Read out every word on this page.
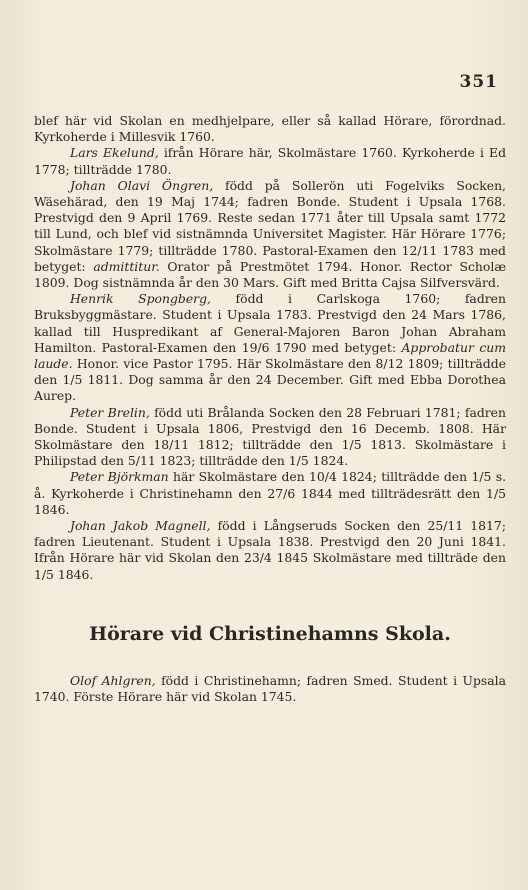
351

blef här vid Skolan en medhjelpare, eller så kallad Hörare, förordnad. Kyrkoherde i Millesvik 1760.

Lars Ekelund, ifrån Hörare här, Skolmästare 1760. Kyrkoherde i Ed 1778; tillträdde 1780.

Johan Olavi Öngren, född på Sollerön uti Fogelviks Socken, Wäsehärad, den 19 Maj 1744; fadren Bonde. Student i Upsala 1768. Prestvigd den 9 April 1769. Reste sedan 1771 åter till Upsala samt 1772 till Lund, och blef vid sistnämnda Universitet Magister. Här Hörare 1776; Skolmästare 1779; tillträdde 1780. Pastoral-Examen den 12/11 1783 med betyget: admittitur. Orator på Prestmötet 1794. Honor. Rector Scholæ 1809. Dog sistnämnda år den 30 Mars. Gift med Britta Cajsa Silfversvärd.

Henrik Spongberg, född i Carlskoga 1760; fadren Bruksbyggmästare. Student i Upsala 1783. Prestvigd den 24 Mars 1786, kallad till Huspredikant af General-Majoren Baron Johan Abraham Hamilton. Pastoral-Examen den 19/6 1790 med betyget: Approbatur cum laude. Honor. vice Pastor 1795. Här Skolmästare den 8/12 1809; tillträdde den 1/5 1811. Dog samma år den 24 December. Gift med Ebba Dorothea Aurep.

Peter Brelin, född uti Brålanda Socken den 28 Februari 1781; fadren Bonde. Student i Upsala 1806, Prestvigd den 16 Decemb. 1808. Här Skolmästare den 18/11 1812; tillträdde den 1/5 1813. Skolmästare i Philipstad den 5/11 1823; tillträdde den 1/5 1824.

Peter Björkman här Skolmästare den 10/4 1824; tillträdde den 1/5 s. å. Kyrkoherde i Christinehamn den 27/6 1844 med tillträdesrätt den 1/5 1846.

Johan Jakob Magnell, född i Långseruds Socken den 25/11 1817; fadren Lieutenant. Student i Upsala 1838. Prestvigd den 20 Juni 1841. Ifrån Hörare här vid Skolan den 23/4 1845 Skolmästare med tillträde den 1/5 1846.

Hörare vid Christinehamns Skola.

Olof Ahlgren, född i Christinehamn; fadren Smed. Student i Upsala 1740. Förste Hörare här vid Skolan 1745.
